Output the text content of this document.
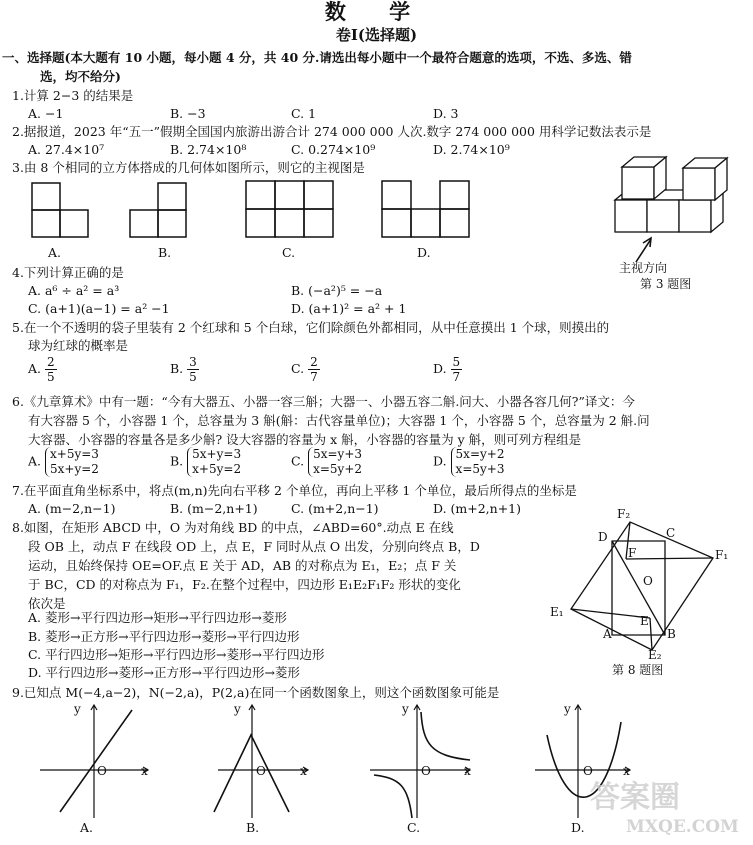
数 学
卷Ⅰ(选择题)
一、选择题(本大题有 10 小题，每小题 4 分，共 40 分.请选出每小题中一个最符合题意的选项，不选、多选、错
选，均不给分)
1.计算 2−3 的结果是
A. −1	B. −3	C. 1	D. 3
2.据报道，2023 年“五一”假期全国国内旅游出游合计 274 000 000 人次.数字 274 000 000 用科学记数法表示是
A. 27.4×10⁷	B. 2.74×10⁸	C. 0.274×10⁹	D. 2.74×10⁹
3.由 8 个相同的立方体搭成的几何体如图所示，则它的主视图是
A.	B.	C.	D.
主视方向
第 3 题图
4.下列计算正确的是
A. a⁶ ÷ a² = a³	B. (−a²)⁵ = −a
C. (a+1)(a−1) = a² −1	D. (a+1)² = a² + 1
5.在一个不透明的袋子里装有 2 个红球和 5 个白球，它们除颜色外都相同，从中任意摸出 1 个球，则摸出的
球为红球的概率是
A. $\frac{2}{5}$	B. $\frac{3}{5}$	C. $\frac{2}{7}$	D. $\frac{5}{7}$
6.《九章算术》中有一题：“今有大器五、小器一容三斛；大器一、小器五容二斛.问大、小器各容几何?”译文：今
有大容器 5 个，小容器 1 个，总容量为 3 斛(斛：古代容量单位)；大容器 1 个，小容器 5 个，总容量为 2 斛.问
大容器、小容器的容量各是多少斛? 设大容器的容量为 x 斛，小容器的容量为 y 斛，则可列方程组是
A. x+5y=3
5x+y=2
B. 5x+y=3
x+5y=2
C. 5x=y+3
x=5y+2
D. 5x=y+2
x=5y+3
7.在平面直角坐标系中，将点(m,n)先向右平移 2 个单位，再向上平移 1 个单位，最后所得点的坐标是
A. (m−2,n−1)	B. (m−2,n+1)	C. (m+2,n−1)	D. (m+2,n+1)
8.如图，在矩形 ABCD 中，O 为对角线 BD 的中点，∠ABD=60°.动点 E 在线
段 OB 上，动点 F 在线段 OD 上，点 E，F 同时从点 O 出发，分别向终点 B，D
运动，且始终保持 OE=OF.点 E 关于 AD，AB 的对称点为 E₁，E₂；点 F 关
于 BC，CD 的对称点为 F₁，F₂.在整个过程中，四边形 E₁E₂F₁F₂ 形状的变化
依次是
A. 菱形→平行四边形→矩形→平行四边形→菱形
B. 菱形→正方形→平行四边形→菱形→平行四边形
C. 平行四边形→矩形→平行四边形→菱形→平行四边形
D. 平行四边形→菱形→正方形→平行四边形→菱形
F₂
C
D
F	F₁
O
E₁
E
A	B
E₂
第 8 题图
9.已知点 M(−4,a−2)，N(−2,a)，P(2,a)在同一个函数图象上，则这个函数图象可能是
y
O	x
y
O	x
y
O	x
y
O	x
A.	B.	C.	D.
答案圈
MXQE.COM
